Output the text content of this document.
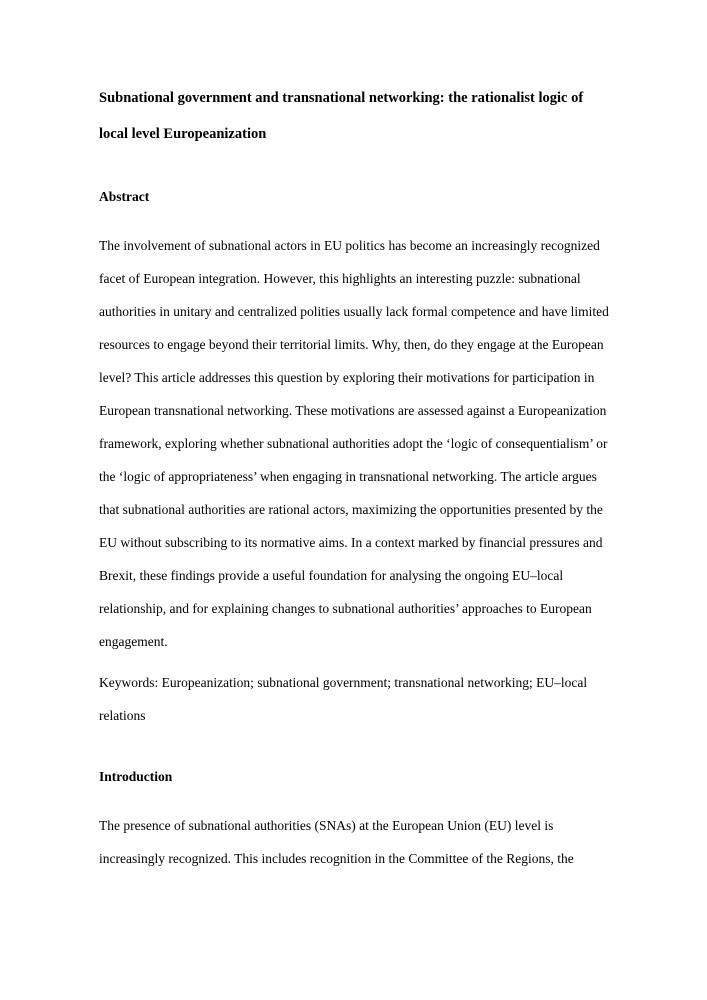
Subnational government and transnational networking: the rationalist logic of local level Europeanization
Abstract

The involvement of subnational actors in EU politics has become an increasingly recognized facet of European integration. However, this highlights an interesting puzzle: subnational authorities in unitary and centralized polities usually lack formal competence and have limited resources to engage beyond their territorial limits. Why, then, do they engage at the European level? This article addresses this question by exploring their motivations for participation in European transnational networking. These motivations are assessed against a Europeanization framework, exploring whether subnational authorities adopt the ‘logic of consequentialism’ or the ‘logic of appropriateness’ when engaging in transnational networking. The article argues that subnational authorities are rational actors, maximizing the opportunities presented by the EU without subscribing to its normative aims. In a context marked by financial pressures and Brexit, these findings provide a useful foundation for analysing the ongoing EU–local relationship, and for explaining changes to subnational authorities’ approaches to European engagement.

Keywords: Europeanization; subnational government; transnational networking; EU–local relations

Introduction

The presence of subnational authorities (SNAs) at the European Union (EU) level is increasingly recognized. This includes recognition in the Committee of the Regions, the
